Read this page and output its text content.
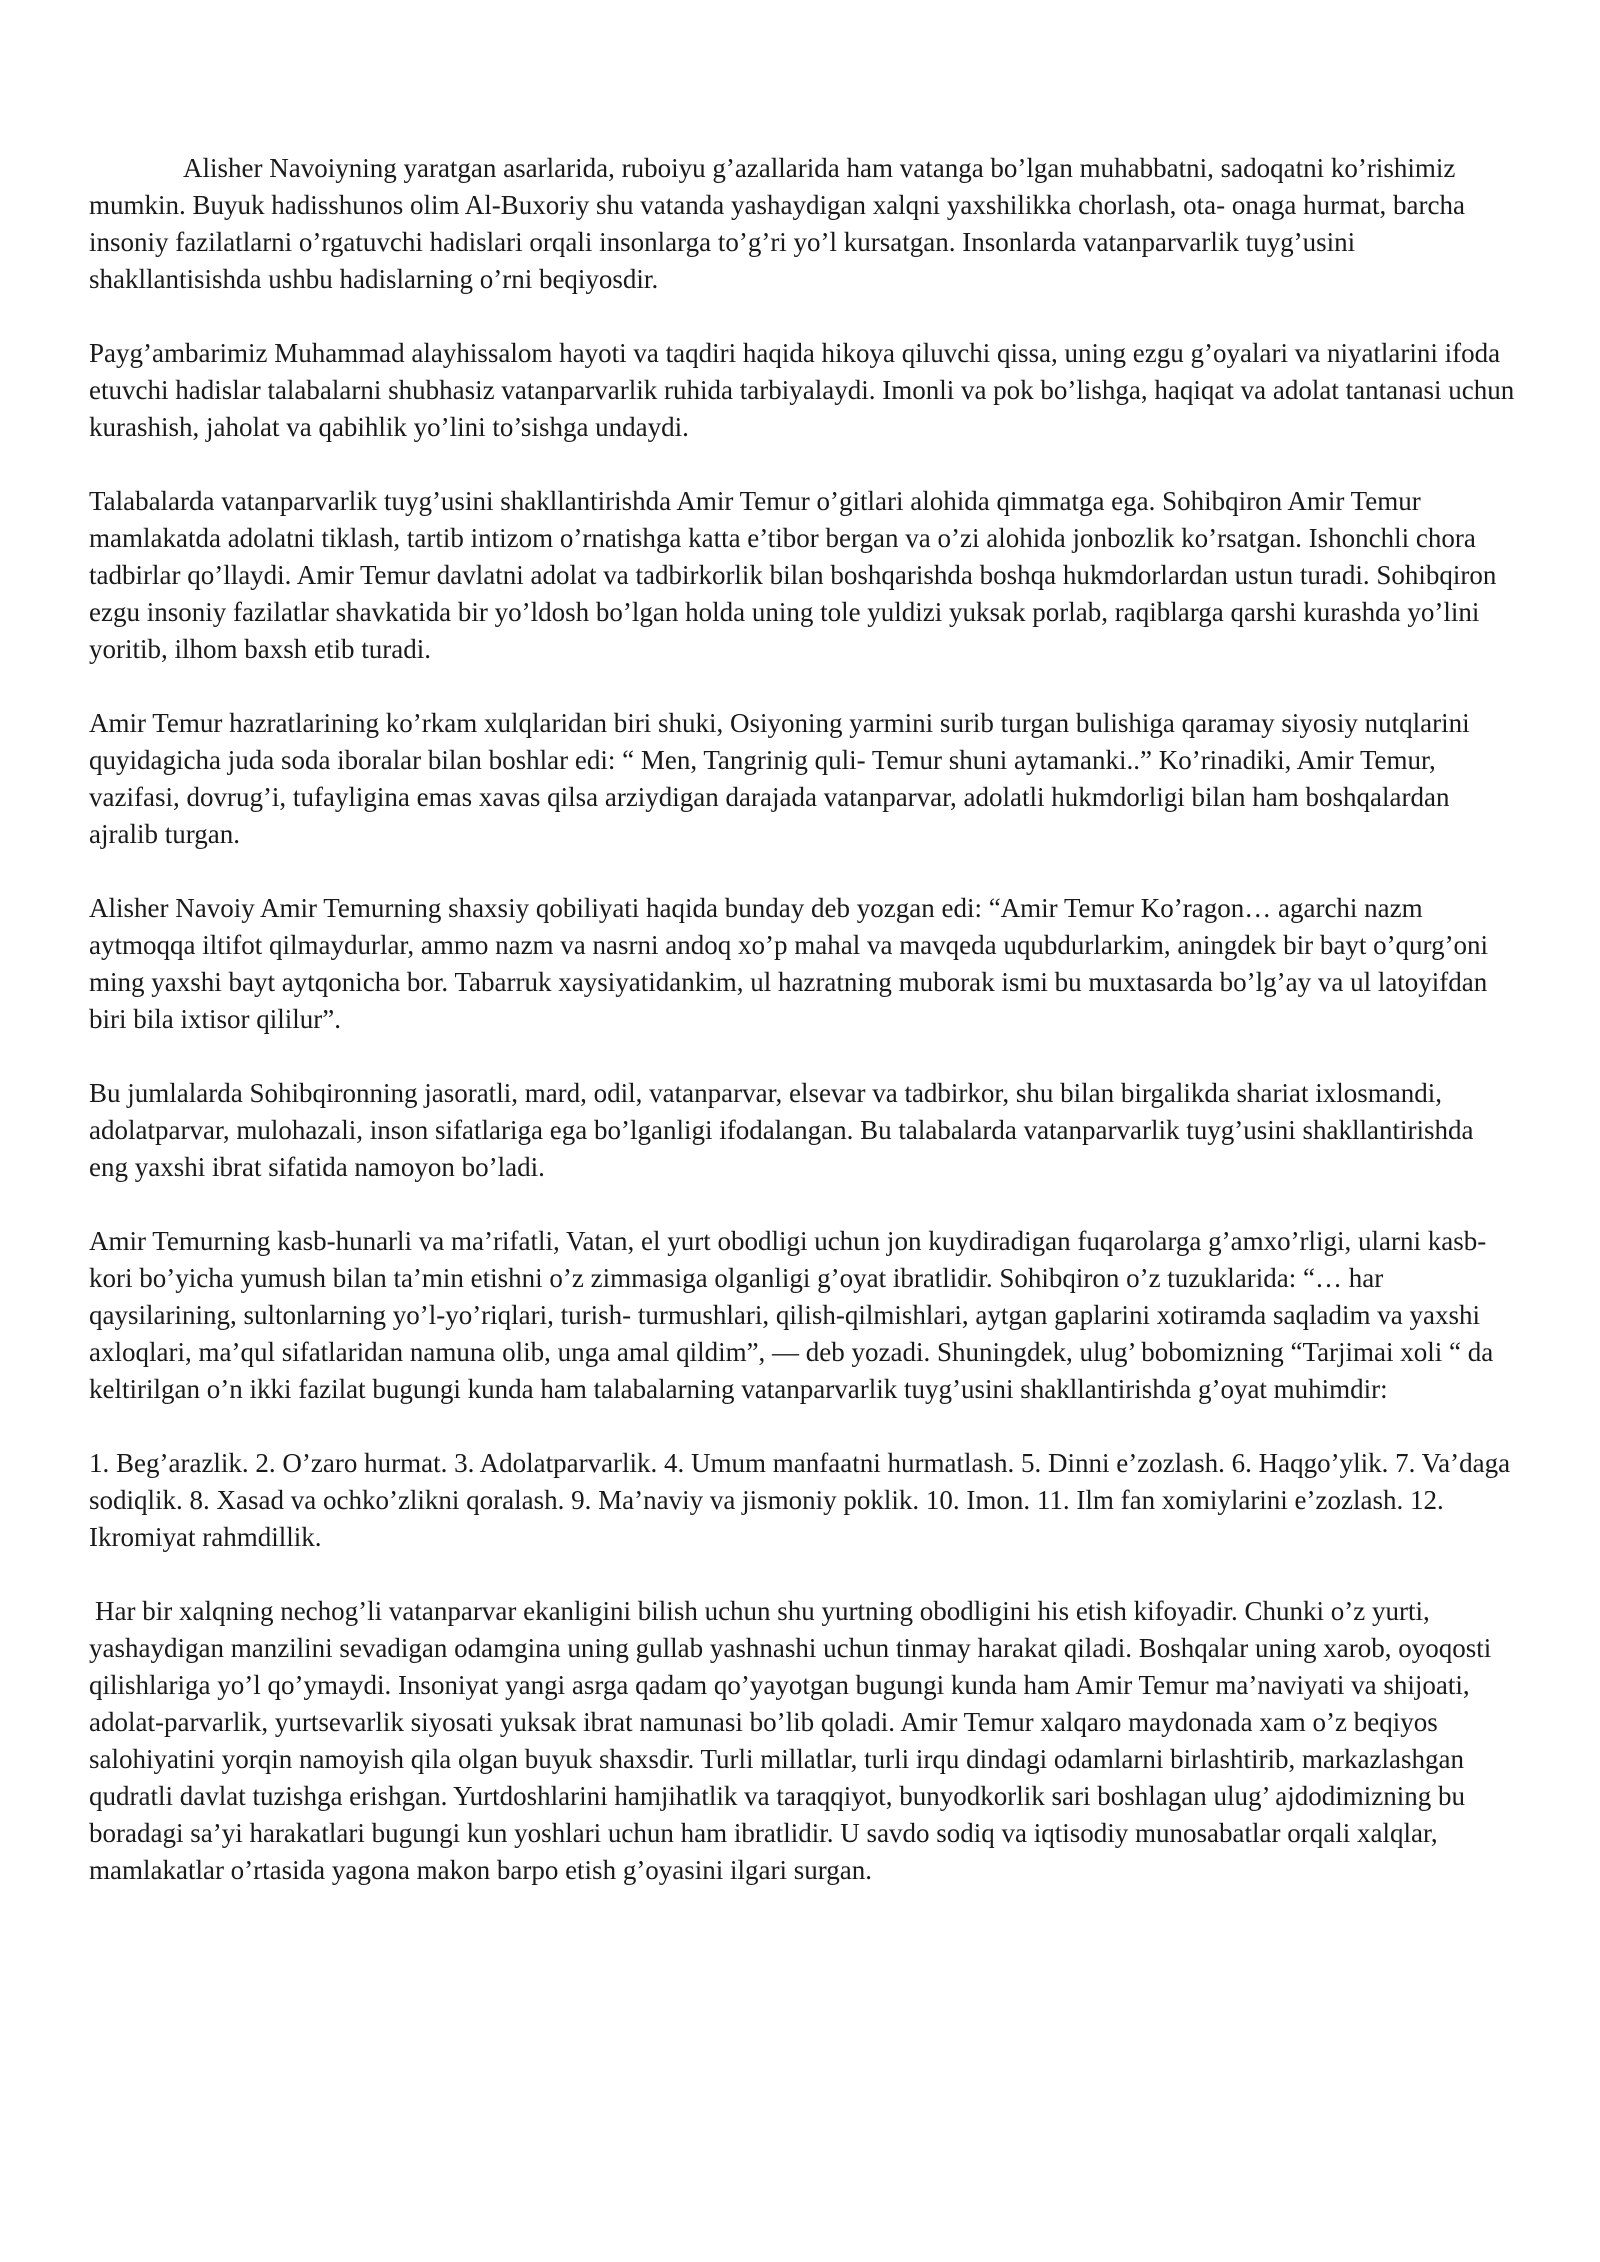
Alisher Navoiyning yaratgan asarlarida, ruboiyu g’azallarida ham vatanga bo’lgan muhabbatni, sadoqatni ko’rishimiz mumkin. Buyuk hadisshunos olim Al-Buxoriy shu vatanda yashaydigan xalqni yaxshilikka chorlash, ota- onaga hurmat, barcha insoniy fazilatlarni o’rgatuvchi hadislari orqali insonlarga to’g’ri yo’l kursatgan. Insonlarda vatanparvarlik tuyg’usini shakllantisishda ushbu hadislarning o’rni beqiyosdir.

Payg’ambarimiz Muhammad alayhissalom hayoti va taqdiri haqida hikoya qiluvchi qissa, uning ezgu g’oyalari va niyatlarini ifoda etuvchi hadislar talabalarni shubhasiz vatanparvarlik ruhida tarbiyalaydi. Imonli va pok bo’lishga, haqiqat va adolat tantanasi uchun kurashish, jaholat va qabihlik yo’lini to’sishga undaydi.

Talabalarda vatanparvarlik tuyg’usini shakllantirishda Amir Temur o’gitlari alohida qimmatga ega. Sohibqiron Amir Temur mamlakatda adolatni tiklash, tartib intizom o’rnatishga katta e’tibor bergan va o’zi alohida jonbozlik ko’rsatgan. Ishonchli chora tadbirlar qo’llaydi. Amir Temur davlatni adolat va tadbirkorlik bilan boshqarishda boshqa hukmdorlardan ustun turadi. Sohibqiron ezgu insoniy fazilatlar shavkatida bir yo’ldosh bo’lgan holda uning tole yuldizi yuksak porlab, raqiblarga qarshi kurashda yo’lini yoritib, ilhom baxsh etib turadi.

Amir Temur hazratlarining ko’rkam xulqlaridan biri shuki, Osiyoning yarmini surib turgan bulishiga qaramay siyosiy nutqlarini quyidagicha juda soda iboralar bilan boshlar edi: “ Men, Tangrinig quli- Temur shuni aytamanki..” Ko’rinadiki, Amir Temur, vazifasi, dovrug’i, tufayligina emas xavas qilsa arziydigan darajada vatanparvar, adolatli hukmdorligi bilan ham boshqalardan ajralib turgan.

Alisher Navoiy Amir Temurning shaxsiy qobiliyati haqida bunday deb yozgan edi: “Amir Temur Ko’ragon… agarchi nazm aytmoqqa iltifot qilmaydurlar, ammo nazm va nasrni andoq xo’p mahal va mavqeda uqubdurlarkim, aningdek bir bayt o’qurg’oni ming yaxshi bayt aytqonicha bor. Tabarruk xaysiyatidankim, ul hazratning muborak ismi bu muxtasarda bo’lg’ay va ul latoyifdan biri bila ixtisor qililur”.

Bu jumlalarda Sohibqironning jasoratli, mard, odil, vatanparvar, elsevar va tadbirkor, shu bilan birgalikda shariat ixlosmandi, adolatparvar, mulohazali, inson sifatlariga ega bo’lganligi ifodalangan. Bu talabalarda vatanparvarlik tuyg’usini shakllantirishda eng yaxshi ibrat sifatida namoyon bo’ladi.

Amir Temurning kasb-hunarli va ma’rifatli, Vatan, el yurt obodligi uchun jon kuydiradigan fuqarolarga g’amxo’rligi, ularni kasb-kori bo’yicha yumush bilan ta’min etishni o’z zimmasiga olganligi g’oyat ibratlidir. Sohibqiron o’z tuzuklarida: “… har qaysilarining, sultonlarning yo’l-yo’riqlari, turish- turmushlari, qilish-qilmishlari, aytgan gaplarini xotiramda saqladim va yaxshi axloqlari, ma’qul sifatlaridan namuna olib, unga amal qildim”, — deb yozadi. Shuningdek, ulug’ bobomizning “Tarjimai xoli “ da keltirilgan o’n ikki fazilat bugungi kunda ham talabalarning vatanparvarlik tuyg’usini shakllantirishda g’oyat muhimdir:

1. Beg’arazlik. 2. O’zaro hurmat. 3. Adolatparvarlik. 4. Umum manfaatni hurmatlash. 5. Dinni e’zozlash. 6. Haqgo’ylik. 7. Va’daga sodiqlik. 8. Xasad va ochko’zlikni qoralash. 9. Ma’naviy va jismoniy poklik. 10. Imon. 11. Ilm fan xomiylarini e’zozlash. 12. Ikromiyat rahmdillik.

Har bir xalqning nechog’li vatanparvar ekanligini bilish uchun shu yurtning obodligini his etish kifoyadir. Chunki o’z yurti, yashaydigan manzilini sevadigan odamgina uning gullab yashnashi uchun tinmay harakat qiladi. Boshqalar uning xarob, oyoqosti qilishlariga yo’l qo’ymaydi. Insoniyat yangi asrga qadam qo’yayotgan bugungi kunda ham Amir Temur ma’naviyati va shijoati, adolat-parvarlik, yurtsevarlik siyosati yuksak ibrat namunasi bo’lib qoladi. Amir Temur xalqaro maydonada xam o’z beqiyos salohiyatini yorqin namoyish qila olgan buyuk shaxsdir. Turli millatlar, turli irqu dindagi odamlarni birlashtirib, markazlashgan qudratli davlat tuzishga erishgan. Yurtdoshlarini hamjihatlik va taraqqiyot, bunyodkorlik sari boshlagan ulug’ ajdodimizning bu boradagi sa’yi harakatlari bugungi kun yoshlari uchun ham ibratlidir. U savdo sodiq va iqtisodiy munosabatlar orqali xalqlar, mamlakatlar o’rtasida yagona makon barpo etish g’oyasini ilgari surgan.
